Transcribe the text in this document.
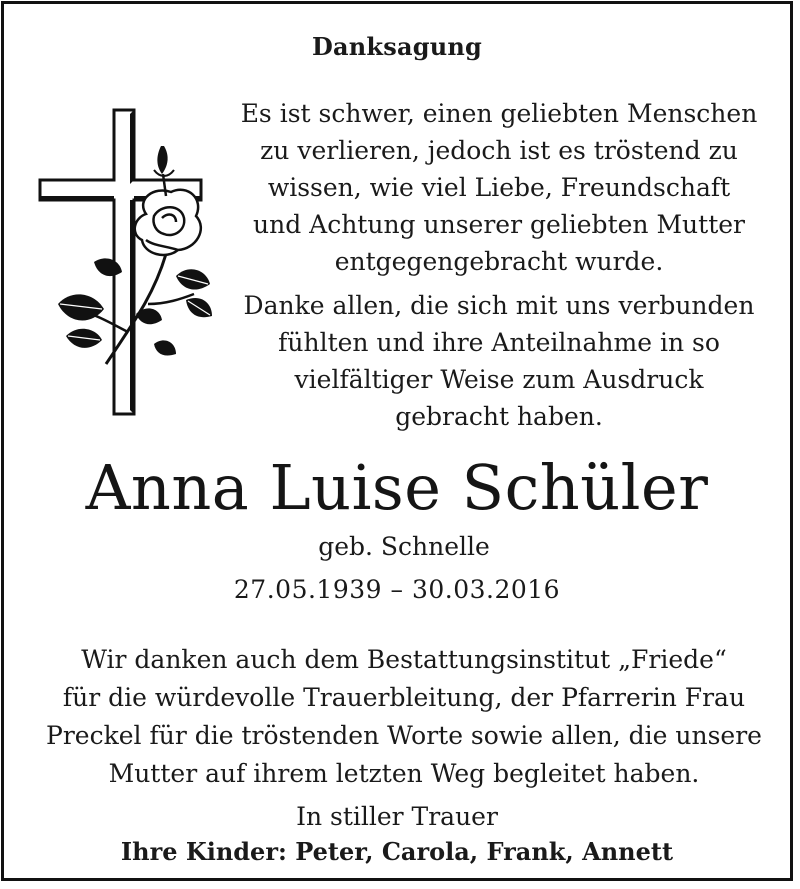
Danksagung

Es ist schwer, einen geliebten Menschen
zu verlieren, jedoch ist es tröstend zu
wissen, wie viel Liebe, Freundschaft
und Achtung unserer geliebten Mutter
entgegengebracht wurde.

Danke allen, die sich mit uns verbunden
fühlten und ihre Anteilnahme in so
vielfältiger Weise zum Ausdruck
gebracht haben.

Anna Luise Schüler
geb. Schnelle
27.05.1939 – 30.03.2016

Wir danken auch dem Bestattungsinstitut „Friede“
für die würdevolle Trauerbleitung, der Pfarrerin Frau
Preckel für die tröstenden Worte sowie allen, die unsere
Mutter auf ihrem letzten Weg begleitet haben.

In stiller Trauer
Ihre Kinder: Peter, Carola, Frank, Annett
